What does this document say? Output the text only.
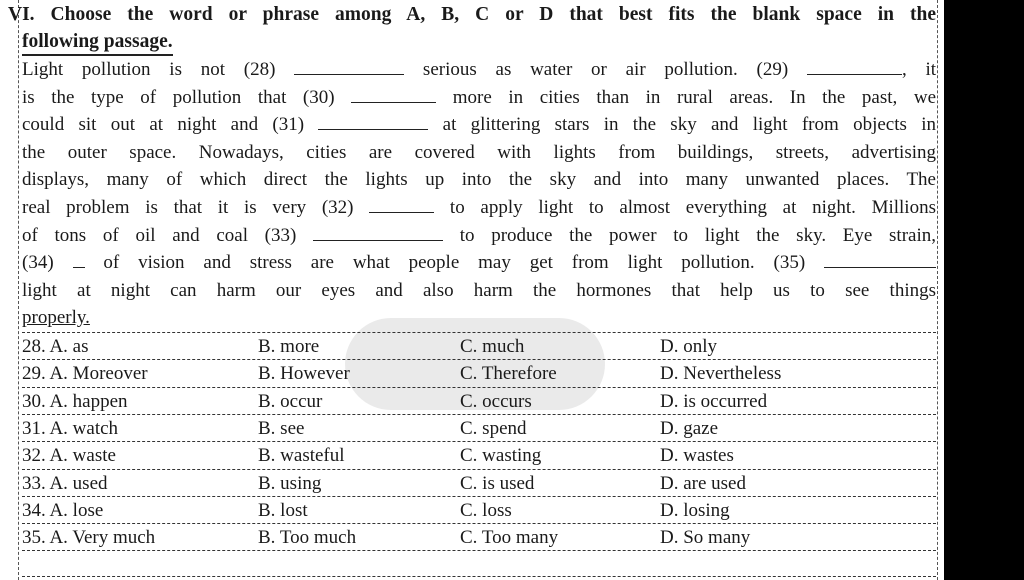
VI. Choose the word or phrase among A, B, C or D that best fits the blank space in the
following passage.
Light pollution is not (28)	serious as water or air pollution. (29)	, it
is the type of pollution that (30)	more in cities than in rural areas. In the past, we
could sit out at night and (31)	at glittering stars in the sky and light from objects in
the outer space. Nowadays, cities are covered with lights from buildings, streets, advertising
displays, many of which direct the lights up into the sky and into many unwanted places. The
real problem is that it is very (32)	to apply light to almost everything at night. Millions
of tons of oil and coal (33)	to produce the power to light the sky. Eye strain,
(34)  of vision and stress are what people may get from light pollution. (35)
light at night can harm our eyes and also harm the hormones that help us to see things
properly.
28. A. as	B. more	C. much	D. only
29. A. Moreover	B. However	C. Therefore	D. Nevertheless
30. A. happen	B. occur	C. occurs	D. is occurred
31. A. watch	B. see	C. spend	D. gaze
32. A. waste	B. wasteful	C. wasting	D. wastes
33. A. used	B. using	C. is used	D. are used
34. A. lose	B. lost	C. loss	D. losing
35. A. Very much	B. Too much	C. Too many	D. So many
